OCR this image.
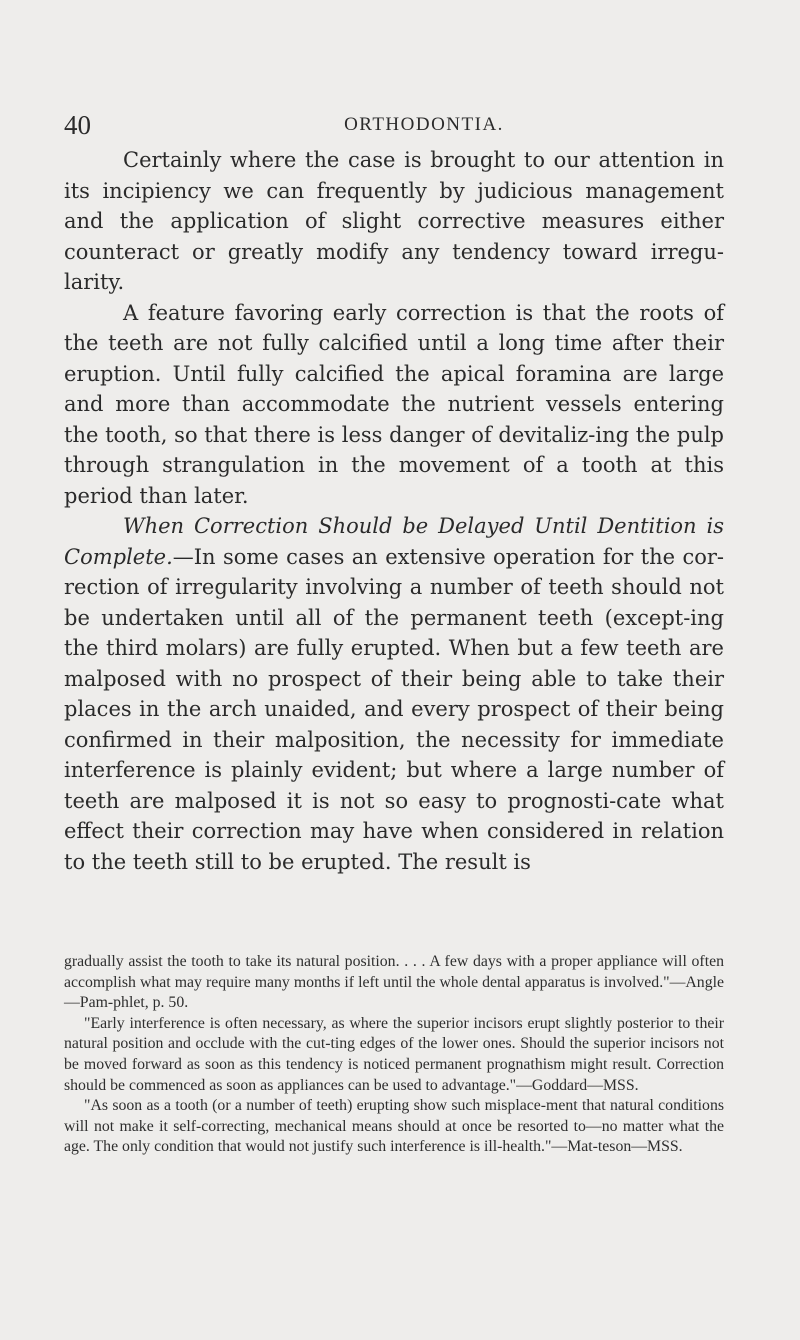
40	ORTHODONTIA.

Certainly where the case is brought to our attention in its incipiency we can frequently by judicious management and the application of slight corrective measures either counteract or greatly modify any tendency toward irregu-larity.

A feature favoring early correction is that the roots of the teeth are not fully calcified until a long time after their eruption. Until fully calcified the apical foramina are large and more than accommodate the nutrient vessels entering the tooth, so that there is less danger of devitaliz-ing the pulp through strangulation in the movement of a tooth at this period than later.

When Correction Should be Delayed Until Dentition is Complete.—In some cases an extensive operation for the cor-rection of irregularity involving a number of teeth should not be undertaken until all of the permanent teeth (except-ing the third molars) are fully erupted. When but a few teeth are malposed with no prospect of their being able to take their places in the arch unaided, and every prospect of their being confirmed in their malposition, the necessity for immediate interference is plainly evident; but where a large number of teeth are malposed it is not so easy to prognosti-cate what effect their correction may have when considered in relation to the teeth still to be erupted. The result is

gradually assist the tooth to take its natural position. . . . A few days with a proper appliance will often accomplish what may require many months if left until the whole dental apparatus is involved."—Angle—Pam-phlet, p. 50.

"Early interference is often necessary, as where the superior incisors erupt slightly posterior to their natural position and occlude with the cut-ting edges of the lower ones. Should the superior incisors not be moved forward as soon as this tendency is noticed permanent prognathism might result. Correction should be commenced as soon as appliances can be used to advantage."—Goddard—MSS.

"As soon as a tooth (or a number of teeth) erupting show such misplace-ment that natural conditions will not make it self-correcting, mechanical means should at once be resorted to—no matter what the age. The only condition that would not justify such interference is ill-health."—Mat-teson—MSS.
